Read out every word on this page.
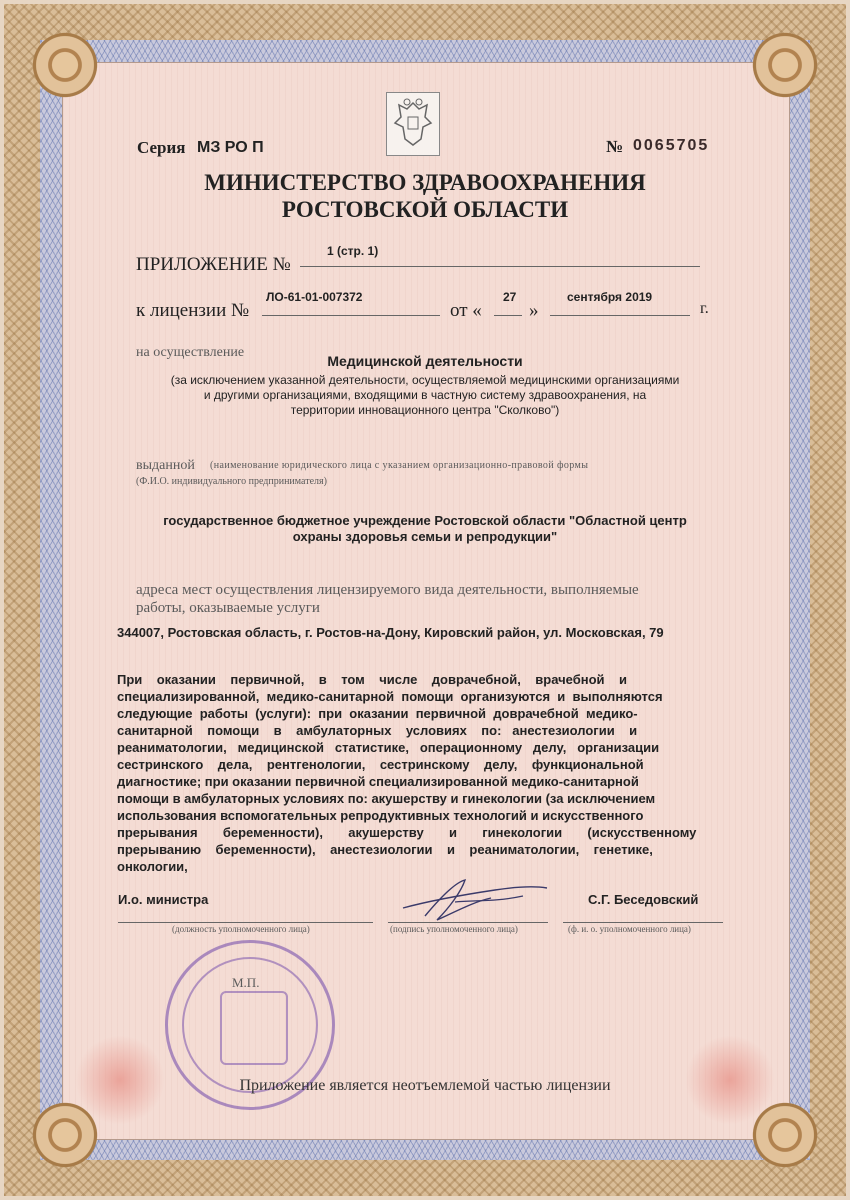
Серия МЗ РО П	№ 0065705
МИНИСТЕРСТВО ЗДРАВООХРАНЕНИЯ
РОСТОВСКОЙ ОБЛАСТИ
ПРИЛОЖЕНИЕ №
1 (стр. 1)
к лицензии №
ЛО-61-01-007372
от «
27
»
сентября 2019
г.
на осуществление
Медицинской деятельности
(за исключением указанной деятельности, осуществляемой медицинскими организациями
и другими организациями, входящими в частную систему здравоохранения, на
территории инновационного центра "Сколково")
выданной (наименование юридического лица с указанием организационно-правовой формы
(Ф.И.О. индивидуального предпринимателя)
государственное бюджетное учреждение Ростовской области "Областной центр
охраны здоровья семьи и репродукции"
адреса мест осуществления лицензируемого вида деятельности, выполняемые
работы, оказываемые услуги
344007, Ростовская область, г. Ростов-на-Дону, Кировский район, ул. Московская, 79
При    оказании    первичной,    в    том    числе    доврачебной,    врачебной    и
специализированной,  медико-санитарной  помощи  организуются  и  выполняются
следующие  работы  (услуги):  при  оказании  первичной  доврачебной  медико-
санитарной    помощи    в    амбулаторных    условиях    по:   анестезиологии    и
реаниматологии,   медицинской   статистике,   операционному   делу,   организации
сестринского    дела,    рентгенологии,    сестринскому    делу,    функциональной
диагностике; при оказании первичной специализированной медико-санитарной
помощи в амбулаторных условиях по: акушерству и гинекологии (за исключением
использования вспомогательных репродуктивных технологий и искусственного
прерывания       беременности),       акушерству       и       гинекологии       (искусственному
прерыванию    беременности),    анестезиологии    и    реаниматологии,    генетике,
онкологии,
И.о. министра	С.Г. Беседовский
(должность уполномоченного лица)	(подпись уполномоченного лица)	(ф. и. о. уполномоченного лица)
М.П.
Приложение является неотъемлемой частью лицензии
